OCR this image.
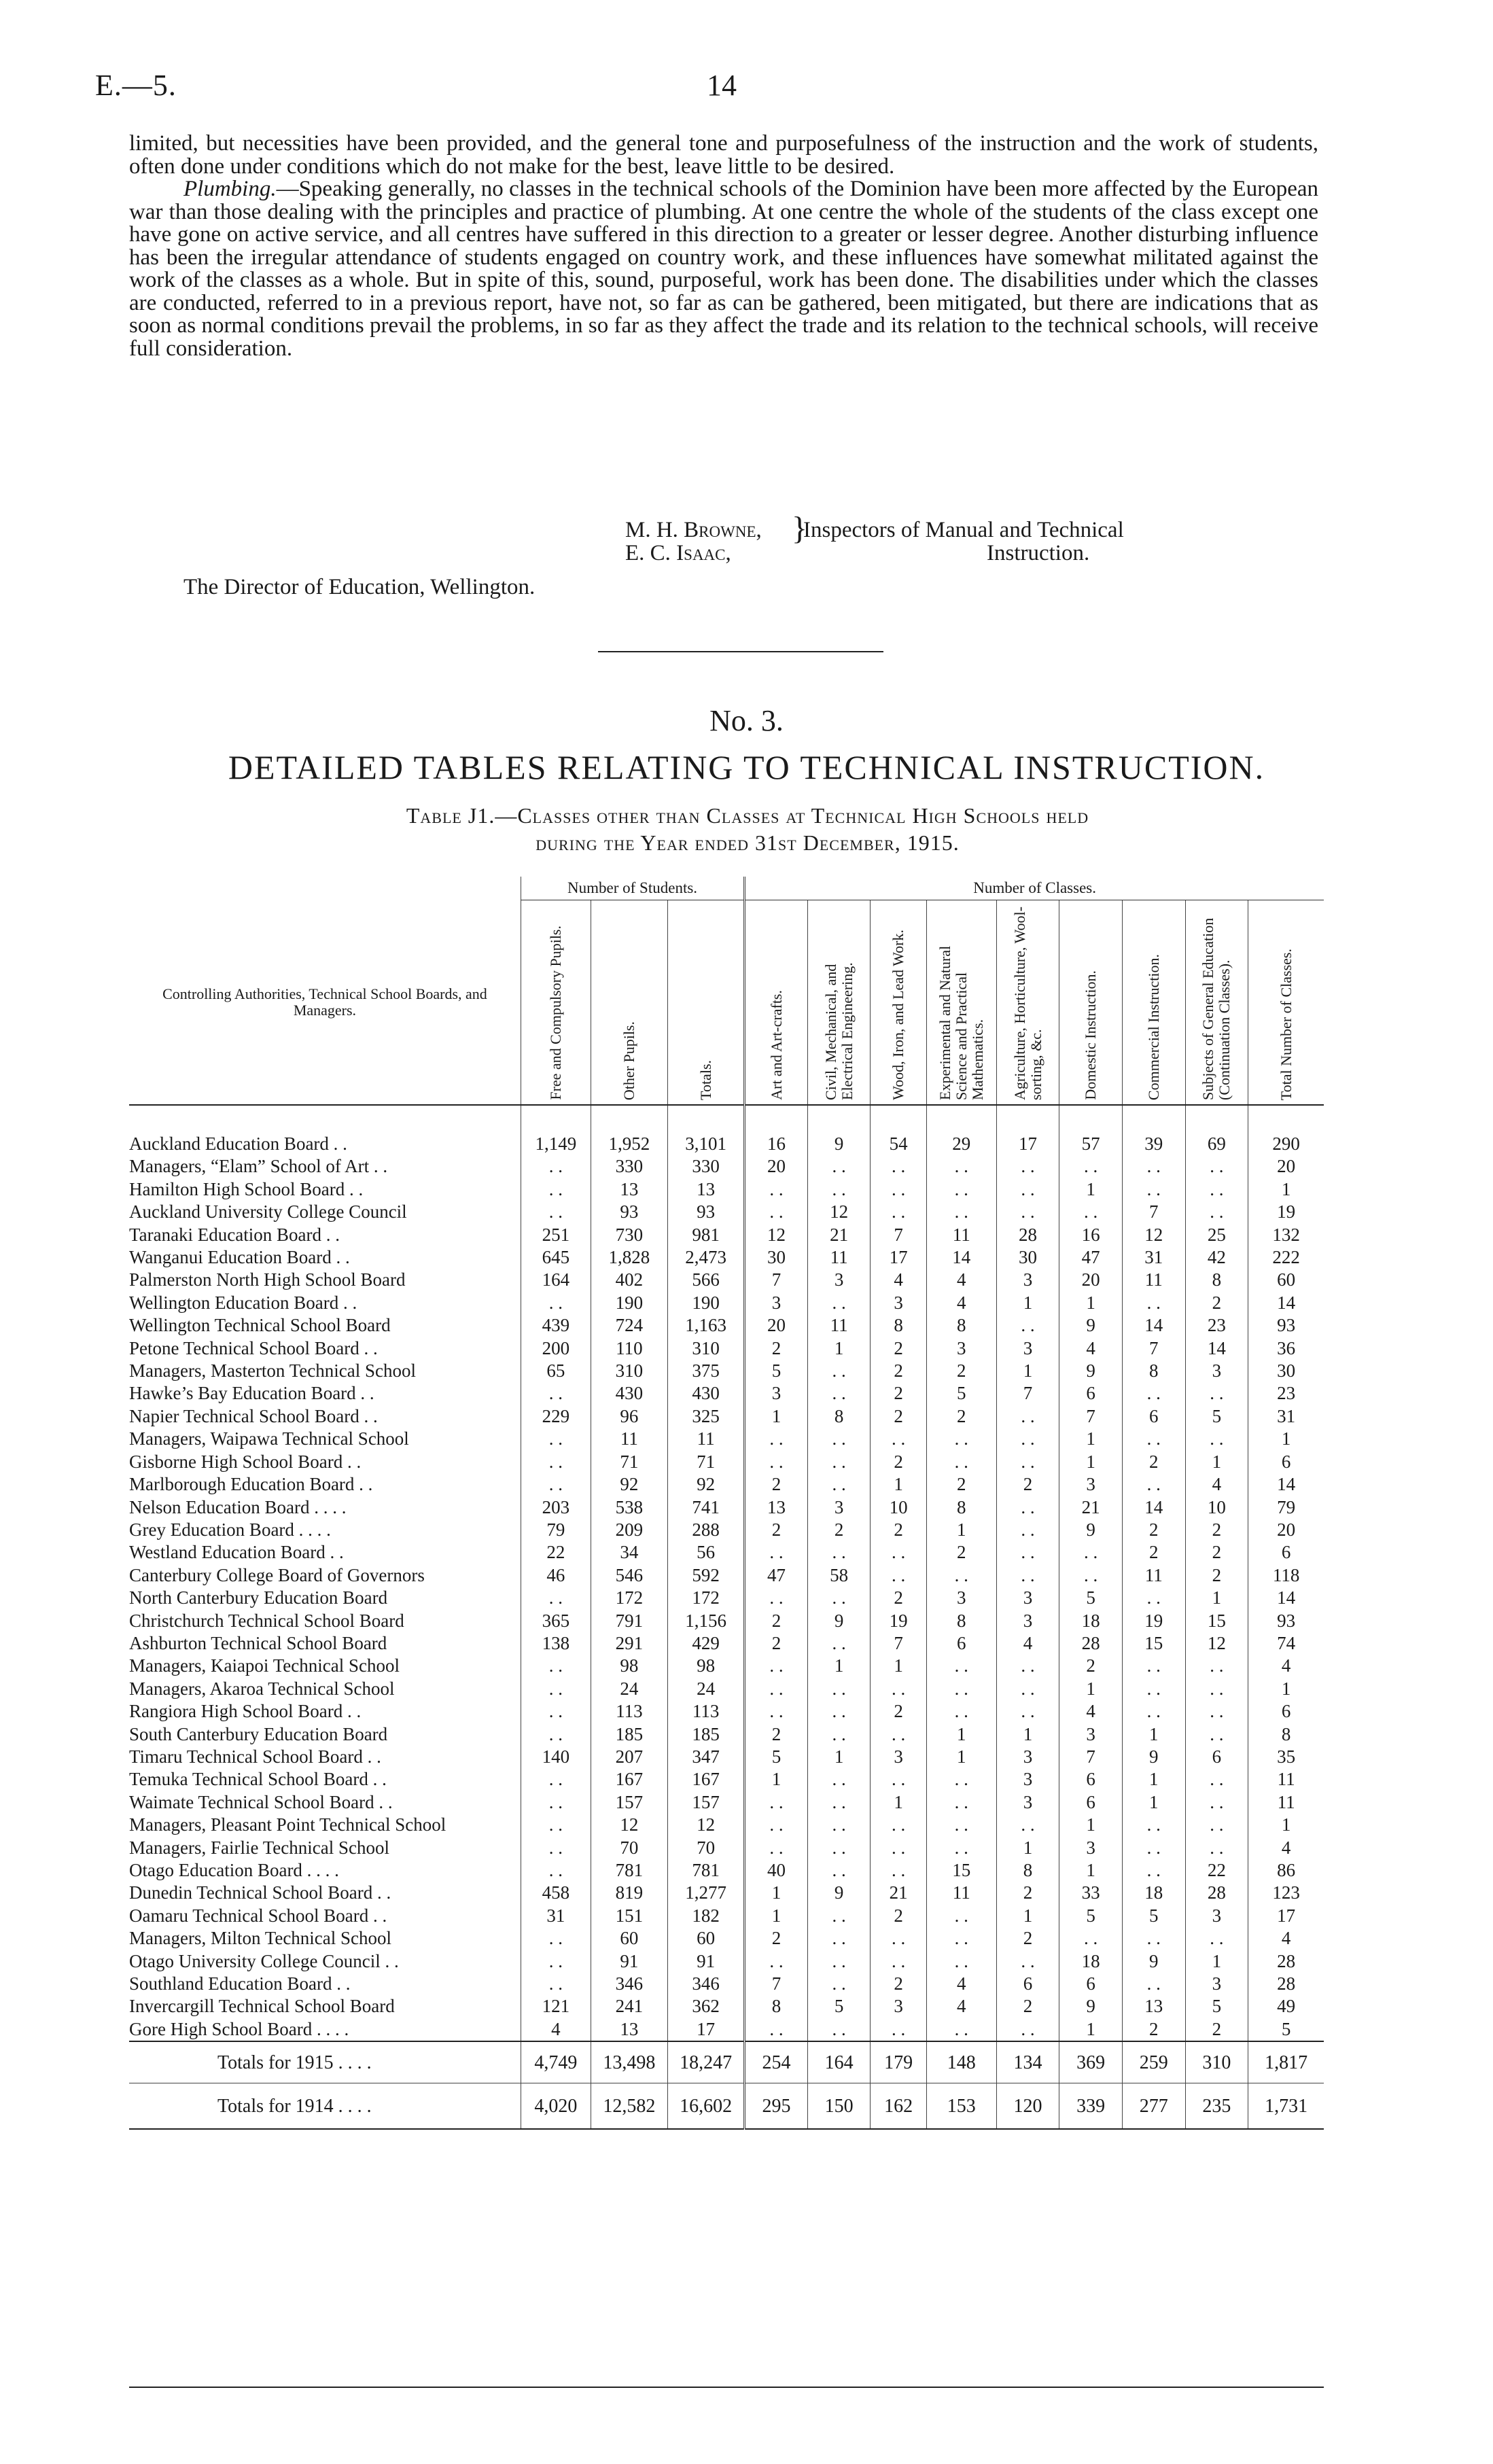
E.—5.	14

limited, but necessities have been provided, and the general tone and purposefulness of the instruction and the work of students, often done under conditions which do not make for the best, leave little to be desired.

Plumbing.—Speaking generally, no classes in the technical schools of the Dominion have been more affected by the European war than those dealing with the principles and practice of plumbing. At one centre the whole of the students of the class except one have gone on active service, and all centres have suffered in this direction to a greater or lesser degree. Another disturbing influence has been the irregular attendance of students engaged on country work, and these influences have somewhat militated against the work of the classes as a whole. But in spite of this, sound, purposeful, work has been done. The disabilities under which the classes are conducted, referred to in a previous report, have not, so far as can be gathered, been mitigated, but there are indications that as soon as normal conditions prevail the problems, in so far as they affect the trade and its relation to the technical schools, will receive full consideration.

M. H. Browne,
E. C. Isaac,
}
Inspectors of Manual and Technical
Instruction.
The Director of Education, Wellington.
No. 3.
DETAILED TABLES RELATING TO TECHNICAL INSTRUCTION.
Table J1.—Classes other than Classes at Technical High Schools held
during the Year ended 31st December, 1915.
	Number of Students.			Number of Classes.								
Controlling Authorities, Technical School Boards, and Managers.	Free and Compulsory Pupils.	Other Pupils.	Totals.	Art and Art-crafts.	Civil, Mechanical, and Electrical Engineering.	Wood, Iron, and Lead Work.	Experimental and Natural Science and Practical Mathematics.	Agriculture, Horticulture, Wool-sorting, &c.	Domestic Instruction.	Commercial Instruction.	Subjects of General Education (Continuation Classes).	Total Number of Classes.
Auckland Education Board . .	1,149	1,952	3,101	16	9	54	29	17	57	39	69	290
Managers, “Elam” School of Art . .	. .	330	330	20	. .	. .	. .	. .	. .	. .	. .	20
Hamilton High School Board . .	. .	13	13	. .	. .	. .	. .	. .	1	. .	. .	1
Auckland University College Council	. .	93	93	. .	12	. .	. .	. .	. .	7	. .	19
Taranaki Education Board . .	251	730	981	12	21	7	11	28	16	12	25	132
Wanganui Education Board . .	645	1,828	2,473	30	11	17	14	30	47	31	42	222
Palmerston North High School Board	164	402	566	7	3	4	4	3	20	11	8	60
Wellington Education Board . .	. .	190	190	3	. .	3	4	1	1	. .	2	14
Wellington Technical School Board	439	724	1,163	20	11	8	8	. .	9	14	23	93
Petone Technical School Board . .	200	110	310	2	1	2	3	3	4	7	14	36
Managers, Masterton Technical School	65	310	375	5	. .	2	2	1	9	8	3	30
Hawke’s Bay Education Board . .	. .	430	430	3	. .	2	5	7	6	. .	. .	23
Napier Technical School Board . .	229	96	325	1	8	2	2	. .	7	6	5	31
Managers, Waipawa Technical School	. .	11	11	. .	. .	. .	. .	. .	1	. .	. .	1
Gisborne High School Board . .	. .	71	71	. .	. .	2	. .	. .	1	2	1	6
Marlborough Education Board . .	. .	92	92	2	. .	1	2	2	3	. .	4	14
Nelson Education Board . . . .	203	538	741	13	3	10	8	. .	21	14	10	79
Grey Education Board . . . .	79	209	288	2	2	2	1	. .	9	2	2	20
Westland Education Board . .	22	34	56	. .	. .	. .	2	. .	. .	2	2	6
Canterbury College Board of Governors	46	546	592	47	58	. .	. .	. .	. .	11	2	118
North Canterbury Education Board	. .	172	172	. .	. .	2	3	3	5	. .	1	14
Christchurch Technical School Board	365	791	1,156	2	9	19	8	3	18	19	15	93
Ashburton Technical School Board	138	291	429	2	. .	7	6	4	28	15	12	74
Managers, Kaiapoi Technical School	. .	98	98	. .	1	1	. .	. .	2	. .	. .	4
Managers, Akaroa Technical School	. .	24	24	. .	. .	. .	. .	. .	1	. .	. .	1
Rangiora High School Board . .	. .	113	113	. .	. .	2	. .	. .	4	. .	. .	6
South Canterbury Education Board	. .	185	185	2	. .	. .	1	1	3	1	. .	8
Timaru Technical School Board . .	140	207	347	5	1	3	1	3	7	9	6	35
Temuka Technical School Board . .	. .	167	167	1	. .	. .	. .	3	6	1	. .	11
Waimate Technical School Board . .	. .	157	157	. .	. .	1	. .	3	6	1	. .	11
Managers, Pleasant Point Technical School	. .	12	12	. .	. .	. .	. .	. .	1	. .	. .	1
Managers, Fairlie Technical School	. .	70	70	. .	. .	. .	. .	1	3	. .	. .	4
Otago Education Board . . . .	. .	781	781	40	. .	. .	15	8	1	. .	22	86
Dunedin Technical School Board . .	458	819	1,277	1	9	21	11	2	33	18	28	123
Oamaru Technical School Board . .	31	151	182	1	. .	2	. .	1	5	5	3	17
Managers, Milton Technical School	. .	60	60	2	. .	. .	. .	2	. .	. .	. .	4
Otago University College Council . .	. .	91	91	. .	. .	. .	. .	. .	18	9	1	28
Southland Education Board . .	. .	346	346	7	. .	2	4	6	6	. .	3	28
Invercargill Technical School Board	121	241	362	8	5	3	4	2	9	13	5	49
Gore High School Board . . . .	4	13	17	. .	. .	. .	. .	. .	1	2	2	5
Totals for 1915 . . . .	4,749	13,498	18,247	254	164	179	148	134	369	259	310	1,817
Totals for 1914 . . . .	4,020	12,582	16,602	295	150	162	153	120	339	277	235	1,731
